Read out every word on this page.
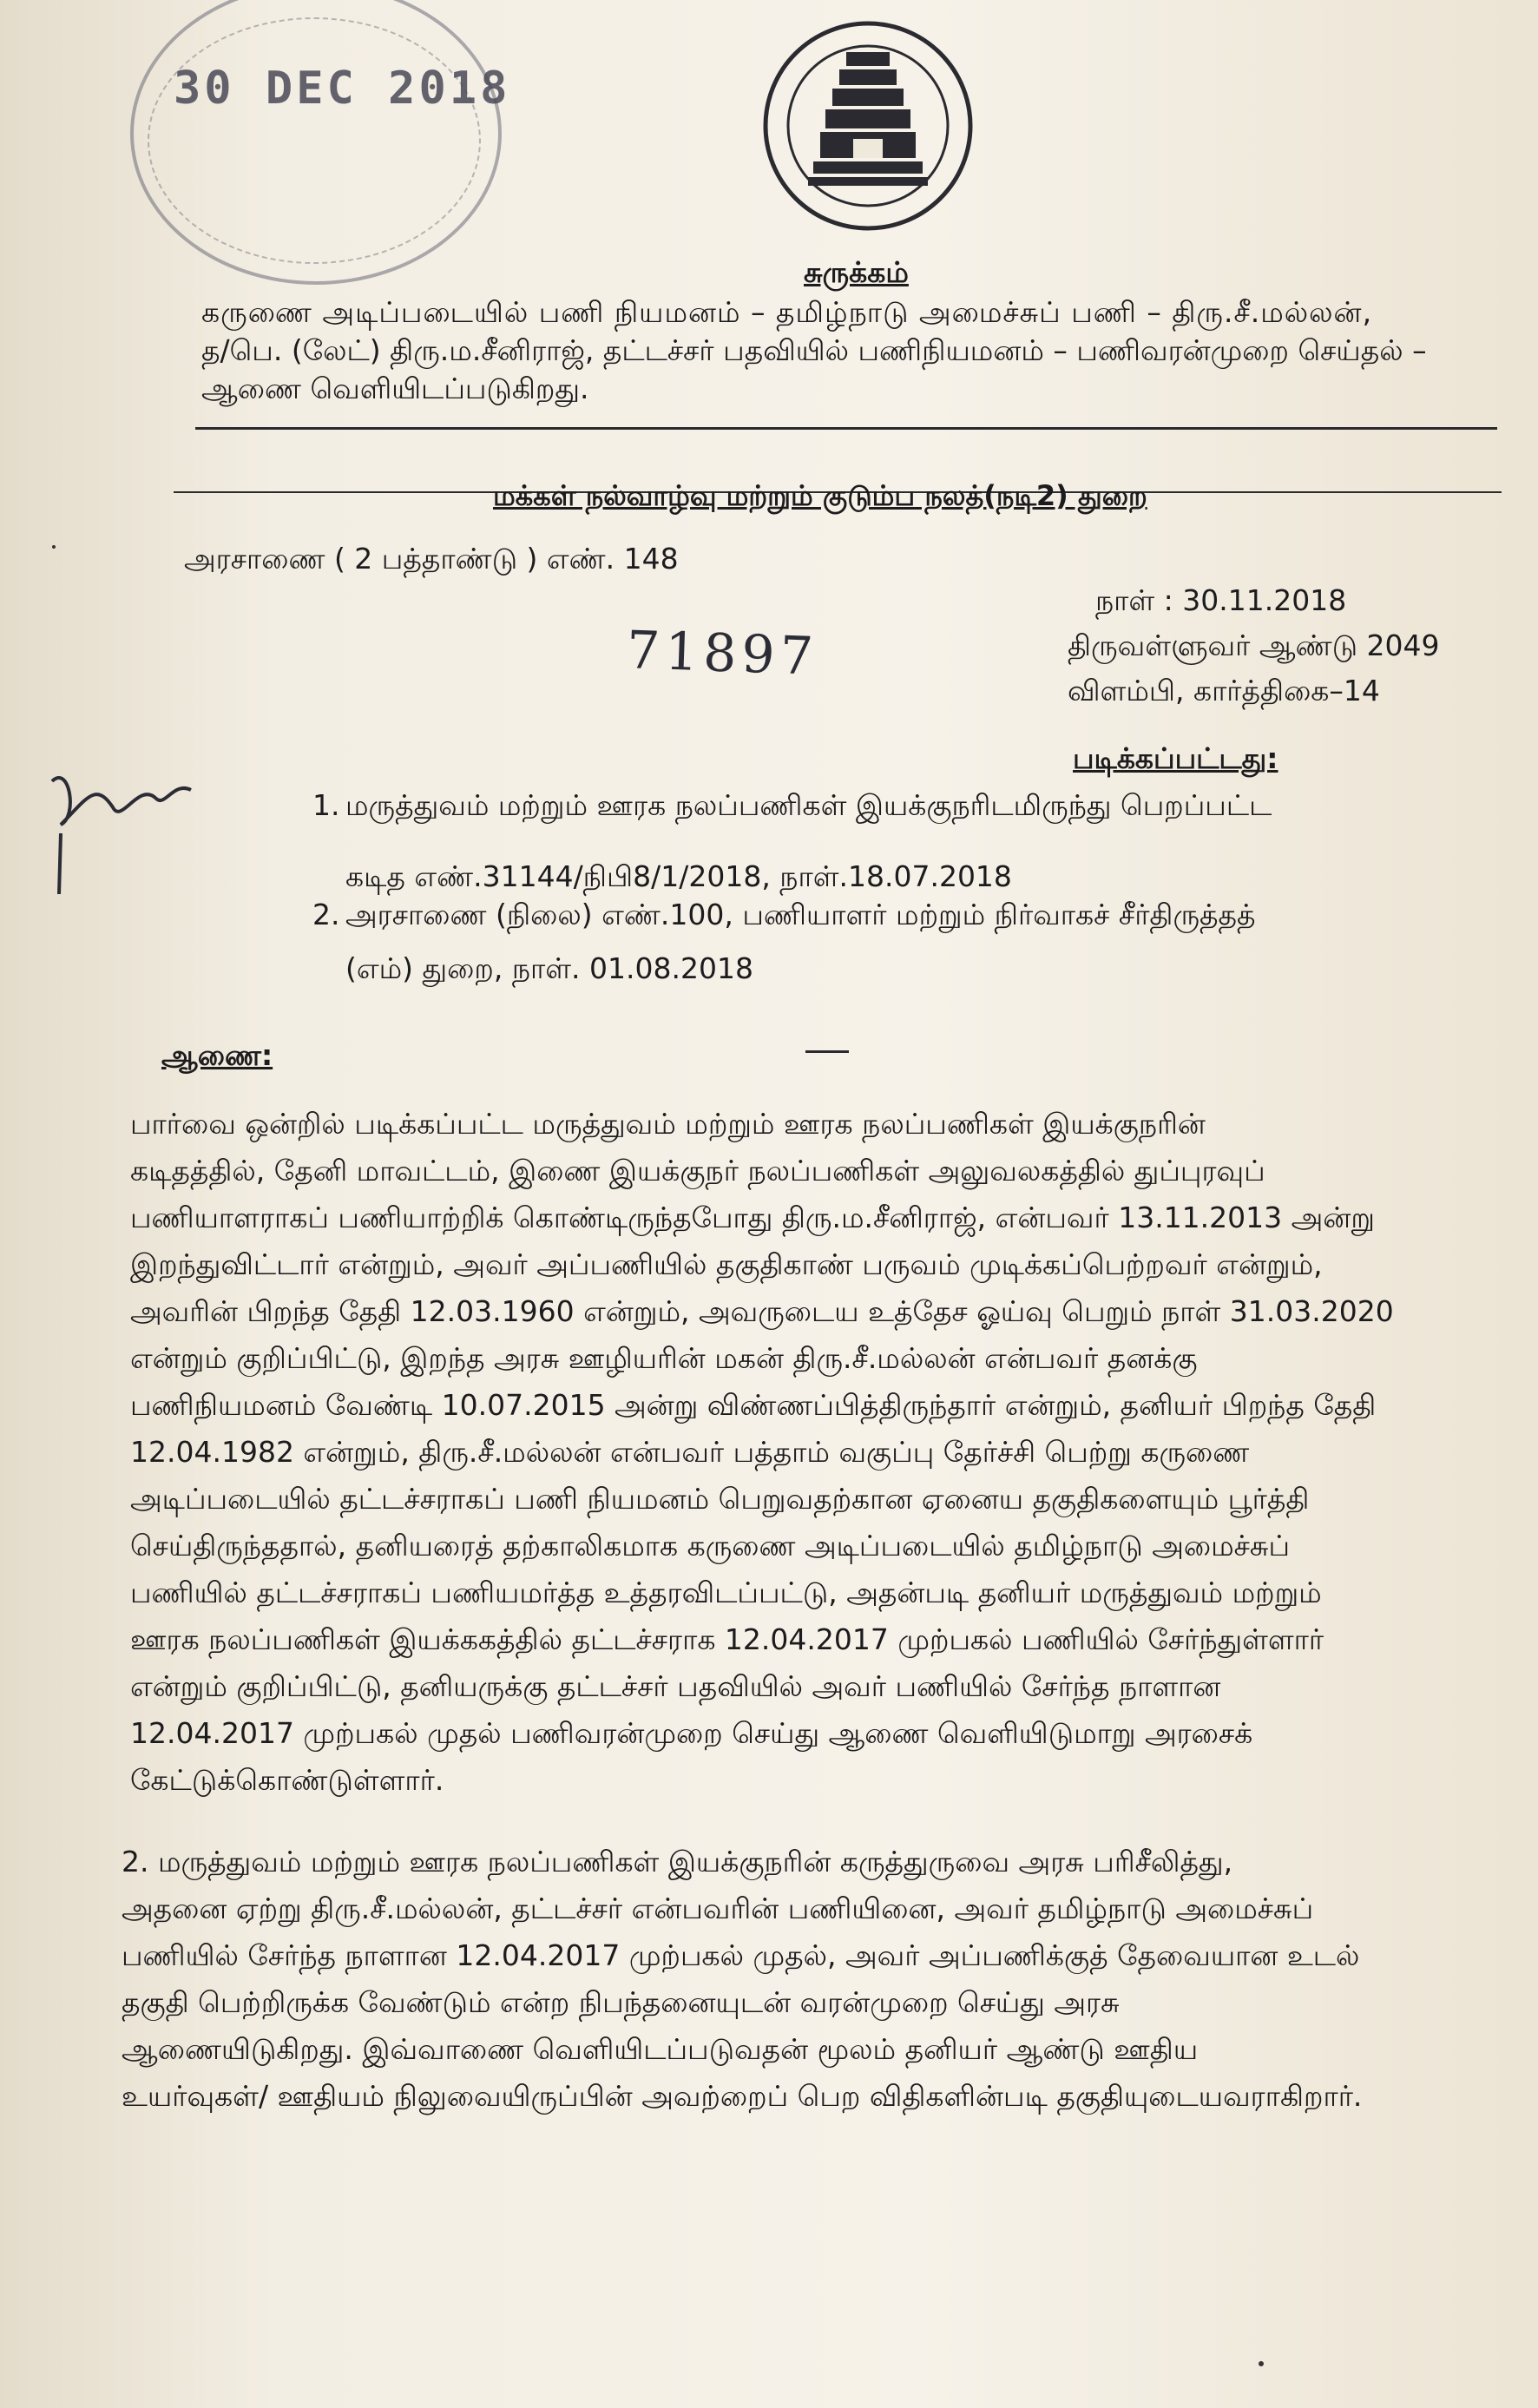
30 DEC 2018
சுருக்கம்
கருணை அடிப்படையில் பணி நியமனம் – தமிழ்நாடு அமைச்சுப் பணி – திரு.சீ.மல்லன்,
த/பெ. (லேட்) திரு.ம.சீனிராஜ், தட்டச்சர் பதவியில் பணிநியமனம் – பணிவரன்முறை செய்தல் –
ஆணை வெளியிடப்படுகிறது.
மக்கள் நல்வாழ்வு மற்றும் குடும்ப நலத்(நடி2) துறை
அரசாணை ( 2 பத்தாண்டு ) எண். 148
நாள் : 30.11.2018
திருவள்ளுவர் ஆண்டு 2049
விளம்பி, கார்த்திகை–14
71897
படிக்கப்பட்டது:
1. மருத்துவம் மற்றும் ஊரக நலப்பணிகள் இயக்குநரிடமிருந்து பெறப்பட்ட
கடித எண்.31144/நிபி8/1/2018, நாள்.18.07.2018
2. அரசாணை (நிலை) எண்.100, பணியாளர் மற்றும் நிர்வாகச் சீர்திருத்தத்
(எம்) துறை, நாள். 01.08.2018
ஆணை:
பார்வை ஒன்றில் படிக்கப்பட்ட மருத்துவம் மற்றும் ஊரக நலப்பணிகள் இயக்குநரின்
கடிதத்தில், தேனி மாவட்டம், இணை இயக்குநர் நலப்பணிகள் அலுவலகத்தில் துப்புரவுப்
பணியாளராகப் பணியாற்றிக் கொண்டிருந்தபோது திரு.ம.சீனிராஜ், என்பவர் 13.11.2013 அன்று
இறந்துவிட்டார் என்றும், அவர் அப்பணியில் தகுதிகாண் பருவம் முடிக்கப்பெற்றவர் என்றும்,
அவரின் பிறந்த தேதி 12.03.1960 என்றும், அவருடைய உத்தேச ஓய்வு பெறும் நாள் 31.03.2020
என்றும் குறிப்பிட்டு, இறந்த அரசு ஊழியரின் மகன் திரு.சீ.மல்லன் என்பவர் தனக்கு
பணிநியமனம் வேண்டி 10.07.2015 அன்று விண்ணப்பித்திருந்தார் என்றும், தனியர் பிறந்த தேதி
12.04.1982 என்றும், திரு.சீ.மல்லன் என்பவர் பத்தாம் வகுப்பு தேர்ச்சி பெற்று கருணை
அடிப்படையில் தட்டச்சராகப் பணி நியமனம் பெறுவதற்கான ஏனைய தகுதிகளையும் பூர்த்தி
செய்திருந்ததால், தனியரைத் தற்காலிகமாக கருணை அடிப்படையில் தமிழ்நாடு அமைச்சுப்
பணியில் தட்டச்சராகப் பணியமர்த்த உத்தரவிடப்பட்டு, அதன்படி தனியர் மருத்துவம் மற்றும்
ஊரக நலப்பணிகள் இயக்ககத்தில் தட்டச்சராக 12.04.2017 முற்பகல் பணியில் சேர்ந்துள்ளார்
என்றும் குறிப்பிட்டு, தனியருக்கு தட்டச்சர் பதவியில் அவர் பணியில் சேர்ந்த நாளான
12.04.2017 முற்பகல் முதல் பணிவரன்முறை செய்து ஆணை வெளியிடுமாறு அரசைக்
கேட்டுக்கொண்டுள்ளார்.
2. மருத்துவம் மற்றும் ஊரக நலப்பணிகள் இயக்குநரின் கருத்துருவை அரசு பரிசீலித்து,
அதனை ஏற்று திரு.சீ.மல்லன், தட்டச்சர் என்பவரின் பணியினை, அவர் தமிழ்நாடு அமைச்சுப்
பணியில் சேர்ந்த நாளான 12.04.2017 முற்பகல் முதல், அவர் அப்பணிக்குத் தேவையான உடல்
தகுதி பெற்றிருக்க வேண்டும் என்ற நிபந்தனையுடன் வரன்முறை செய்து அரசு
ஆணையிடுகிறது. இவ்வாணை வெளியிடப்படுவதன் மூலம் தனியர் ஆண்டு ஊதிய
உயர்வுகள்/ ஊதியம் நிலுவையிருப்பின் அவற்றைப் பெற விதிகளின்படி தகுதியுடையவராகிறார்.
